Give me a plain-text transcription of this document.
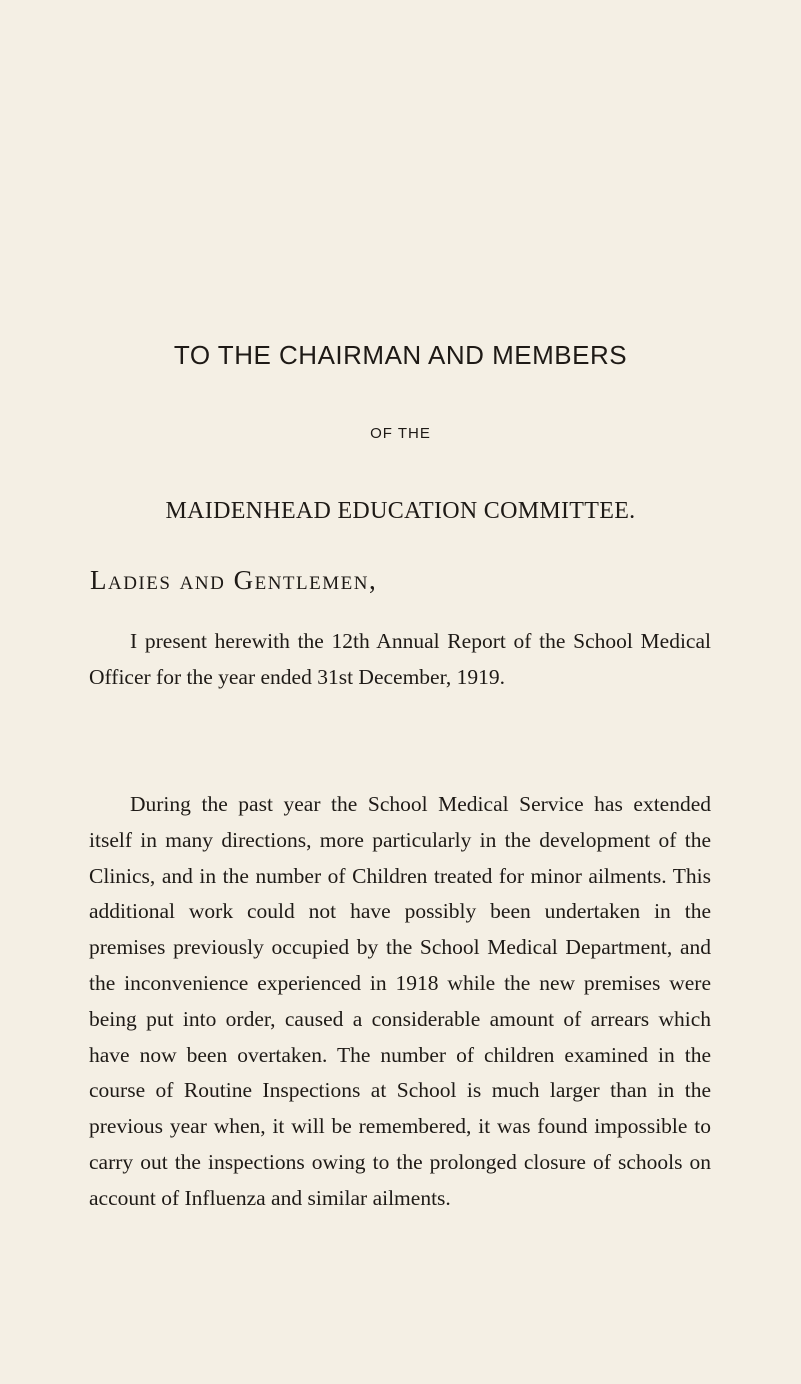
TO THE CHAIRMAN AND MEMBERS
OF THE
MAIDENHEAD EDUCATION COMMITTEE.
Ladies and Gentlemen,

I present herewith the 12th Annual Report of the School Medical Officer for the year ended 31st December, 1919.

During the past year the School Medical Service has extended itself in many directions, more particularly in the development of the Clinics, and in the number of Children treated for minor ailments. This additional work could not have possibly been undertaken in the premises previously occupied by the School Medical Department, and the inconvenience experienced in 1918 while the new premises were being put into order, caused a considerable amount of arrears which have now been overtaken. The number of children examined in the course of Routine Inspections at School is much larger than in the previous year when, it will be remembered, it was found impossible to carry out the inspections owing to the prolonged closure of schools on account of Influenza and similar ailments.
